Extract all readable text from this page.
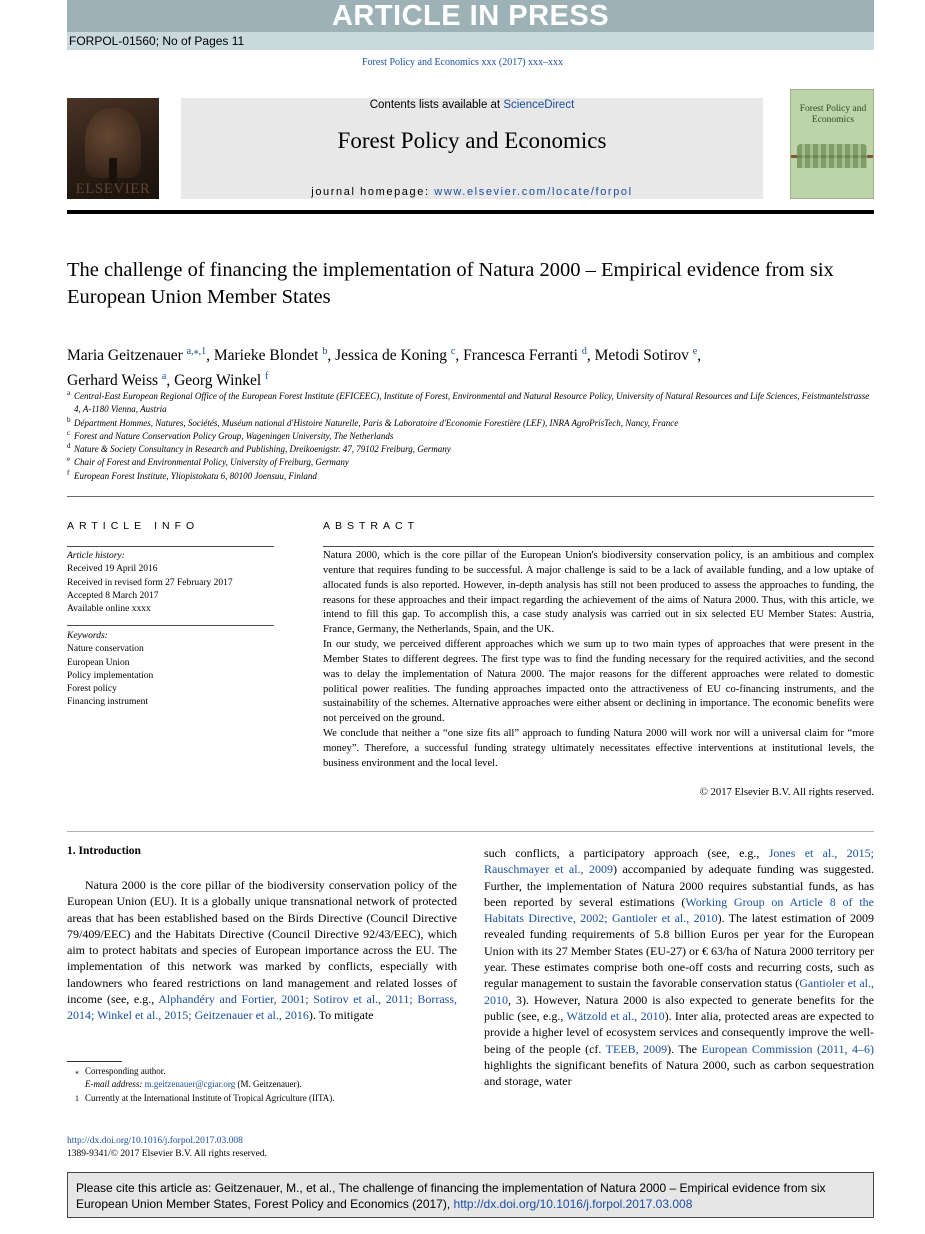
ARTICLE IN PRESS
FORPOL-01560; No of Pages 11
Forest Policy and Economics xxx (2017) xxx–xxx
ELSEVIER
Contents lists available at ScienceDirect
Forest Policy and Economics
journal homepage: www.elsevier.com/locate/forpol
Forest Policy and Economics
The challenge of financing the implementation of Natura 2000 – Empirical evidence from six European Union Member States
Maria Geitzenauer $^{a,⁎,1}$, Marieke Blondet $^b$, Jessica de Koning $^c$, Francesca Ferranti $^d$, Metodi Sotirov $^e$,
Gerhard Weiss $^a$, Georg Winkel $^f$
a Central-East European Regional Office of the European Forest Institute (EFICEEC), Institute of Forest, Environmental and Natural Resource Policy, University of Natural Resources and Life Sciences, Feistmantelstrasse 4, A-1180 Vienna, Austria
b Départment Hommes, Natures, Sociétés, Muséum national d'Histoire Naturelle, Paris & Laboratoire d'Economie Forestière (LEF), INRA AgroPrisTech, Nancy, France
c Forest and Nature Conservation Policy Group, Wageningen University, The Netherlands
d Nature & Society Consultancy in Research and Publishing, Dreikoenigstr. 47, 79102 Freiburg, Germany
e Chair of Forest and Environmental Policy, University of Freiburg, Germany
f European Forest Institute, Yliopistokatu 6, 80100 Joensuu, Finland
ARTICLE INFO
Article history:
Received 19 April 2016
Received in revised form 27 February 2017
Accepted 8 March 2017
Available online xxxx
Keywords:
Nature conservation
European Union
Policy implementation
Forest policy
Financing instrument
ABSTRACT

Natura 2000, which is the core pillar of the European Union's biodiversity conservation policy, is an ambitious and complex venture that requires funding to be successful. A major challenge is said to be a lack of available funding, and a low uptake of allocated funds is also reported. However, in-depth analysis has still not been produced to assess the approaches to funding, the reasons for these approaches and their impact regarding the achievement of the aims of Natura 2000. Thus, with this article, we intend to fill this gap. To accomplish this, a case study analysis was carried out in six selected EU Member States: Austria, France, Germany, the Netherlands, Spain, and the UK.

In our study, we perceived different approaches which we sum up to two main types of approaches that were present in the Member States to different degrees. The first type was to find the funding necessary for the required activities, and the second was to delay the implementation of Natura 2000. The major reasons for the different approaches were related to domestic political power realities. The funding approaches impacted onto the attractiveness of EU co-financing instruments, and the sustainability of the schemes. Alternative approaches were either absent or declining in importance. The economic benefits were not perceived on the ground.

We conclude that neither a “one size fits all” approach to funding Natura 2000 will work nor will a universal claim for “more money”. Therefore, a successful funding strategy ultimately necessitates effective interventions at institutional levels, the business environment and the local level.

© 2017 Elsevier B.V. All rights reserved.
1. Introduction

Natura 2000 is the core pillar of the biodiversity conservation policy of the European Union (EU). It is a globally unique transnational network of protected areas that has been established based on the Birds Directive (Council Directive 79/409/EEC) and the Habitats Directive (Council Directive 92/43/EEC), which aim to protect habitats and species of European importance across the EU. The implementation of this network was marked by conflicts, especially with landowners who feared restrictions on land management and related losses of income (see, e.g., Alphandéry and Fortier, 2001; Sotirov et al., 2011; Borrass, 2014; Winkel et al., 2015; Geitzenauer et al., 2016). To mitigate

such conflicts, a participatory approach (see, e.g., Jones et al., 2015; Rauschmayer et al., 2009) accompanied by adequate funding was suggested. Further, the implementation of Natura 2000 requires substantial funds, as has been reported by several estimations (Working Group on Article 8 of the Habitats Directive, 2002; Gantioler et al., 2010). The latest estimation of 2009 revealed funding requirements of 5.8 billion Euros per year for the European Union with its 27 Member States (EU-27) or € 63/ha of Natura 2000 territory per year. These estimates comprise both one-off costs and recurring costs, such as regular management to sustain the favorable conservation status (Gantioler et al., 2010, 3). However, Natura 2000 is also expected to generate benefits for the public (see, e.g., Wätzold et al., 2010). Inter alia, protected areas are expected to provide a higher level of ecosystem services and consequently improve the well-being of the people (cf. TEEB, 2009). The European Commission (2011, 4–6) highlights the significant benefits of Natura 2000, such as carbon sequestration and storage, water

⁎ Corresponding author.
E-mail address: m.geitzenauer@cgiar.org (M. Geitzenauer).
1 Currently at the International Institute of Tropical Agriculture (IITA).
http://dx.doi.org/10.1016/j.forpol.2017.03.008
1389-9341/© 2017 Elsevier B.V. All rights reserved.
Please cite this article as: Geitzenauer, M., et al., The challenge of financing the implementation of Natura 2000 – Empirical evidence from six European Union Member States, Forest Policy and Economics (2017), http://dx.doi.org/10.1016/j.forpol.2017.03.008
